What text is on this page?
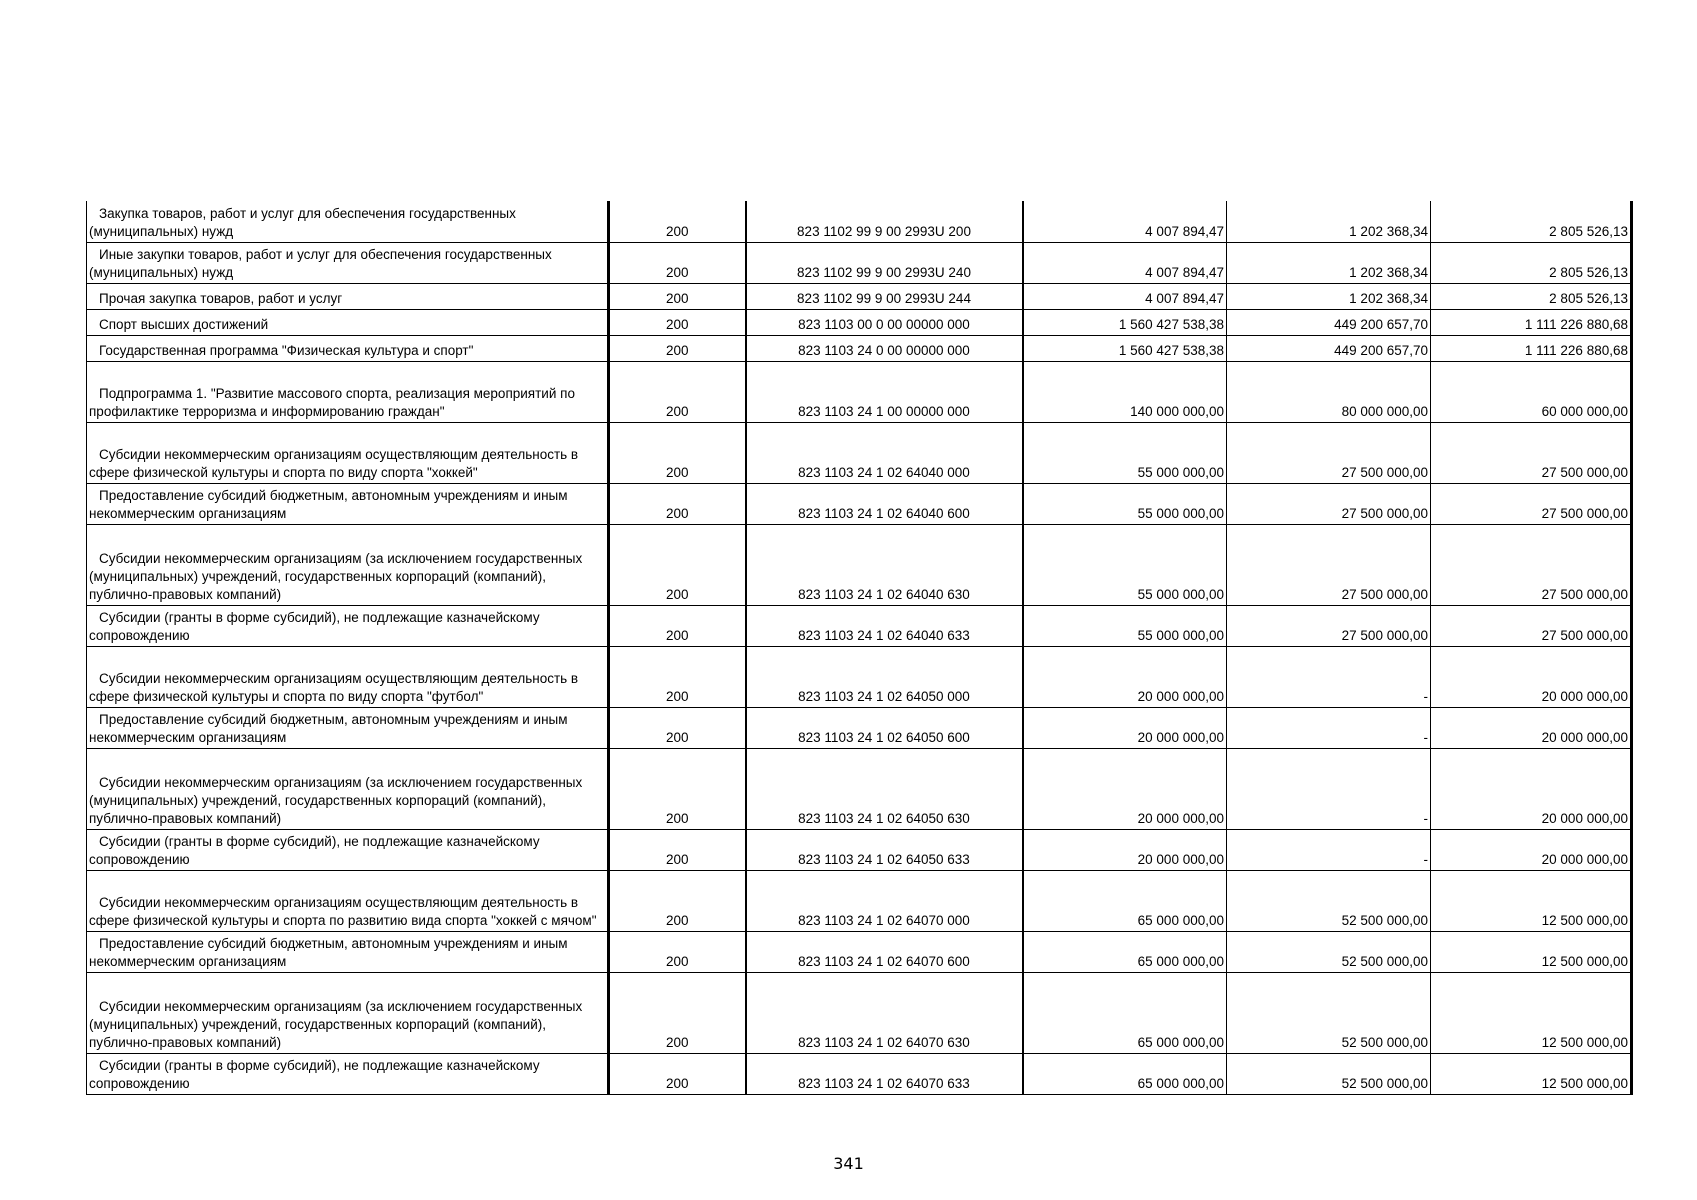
Закупка товаров, работ и услуг для обеспечения государственных (муниципальных) нужд	200	823 1102 99 9 00 2993U 200	4 007 894,47	1 202 368,34	2 805 526,13

Иные закупки товаров, работ и услуг для обеспечения государственных (муниципальных) нужд	200	823 1102 99 9 00 2993U 240	4 007 894,47	1 202 368,34	2 805 526,13

Прочая закупка товаров, работ и услуг	200	823 1102 99 9 00 2993U 244	4 007 894,47	1 202 368,34	2 805 526,13

Спорт высших достижений	200	823 1103 00 0 00 00000 000	1 560 427 538,38	449 200 657,70	1 111 226 880,68

Государственная программа "Физическая культура и спорт"	200	823 1103 24 0 00 00000 000	1 560 427 538,38	449 200 657,70	1 111 226 880,68

Подпрограмма 1. "Развитие массового спорта, реализация мероприятий по профилактике терроризма и информированию граждан"	200	823 1103 24 1 00 00000 000	140 000 000,00	80 000 000,00	60 000 000,00

Субсидии некоммерческим организациям осуществляющим деятельность в сфере физической культуры и спорта по виду спорта "хоккей"	200	823 1103 24 1 02 64040 000	55 000 000,00	27 500 000,00	27 500 000,00

Предоставление субсидий бюджетным, автономным учреждениям и иным некоммерческим организациям	200	823 1103 24 1 02 64040 600	55 000 000,00	27 500 000,00	27 500 000,00

Субсидии некоммерческим организациям (за исключением государственных (муниципальных) учреждений, государственных корпораций (компаний), публично-правовых компаний)	200	823 1103 24 1 02 64040 630	55 000 000,00	27 500 000,00	27 500 000,00

Субсидии (гранты в форме субсидий), не подлежащие казначейскому сопровождению	200	823 1103 24 1 02 64040 633	55 000 000,00	27 500 000,00	27 500 000,00

Субсидии некоммерческим организациям осуществляющим деятельность в сфере физической культуры и спорта по виду спорта "футбол"	200	823 1103 24 1 02 64050 000	20 000 000,00	-	20 000 000,00

Предоставление субсидий бюджетным, автономным учреждениям и иным некоммерческим организациям	200	823 1103 24 1 02 64050 600	20 000 000,00	-	20 000 000,00

Субсидии некоммерческим организациям (за исключением государственных (муниципальных) учреждений, государственных корпораций (компаний), публично-правовых компаний)	200	823 1103 24 1 02 64050 630	20 000 000,00	-	20 000 000,00

Субсидии (гранты в форме субсидий), не подлежащие казначейскому сопровождению	200	823 1103 24 1 02 64050 633	20 000 000,00	-	20 000 000,00

Субсидии некоммерческим организациям осуществляющим деятельность в сфере физической культуры и спорта по развитию вида спорта "хоккей с мячом"	200	823 1103 24 1 02 64070 000	65 000 000,00	52 500 000,00	12 500 000,00

Предоставление субсидий бюджетным, автономным учреждениям и иным некоммерческим организациям	200	823 1103 24 1 02 64070 600	65 000 000,00	52 500 000,00	12 500 000,00

Субсидии некоммерческим организациям (за исключением государственных (муниципальных) учреждений, государственных корпораций (компаний), публично-правовых компаний)	200	823 1103 24 1 02 64070 630	65 000 000,00	52 500 000,00	12 500 000,00

Субсидии (гранты в форме субсидий), не подлежащие казначейскому сопровождению	200	823 1103 24 1 02 64070 633	65 000 000,00	52 500 000,00	12 500 000,00
341
